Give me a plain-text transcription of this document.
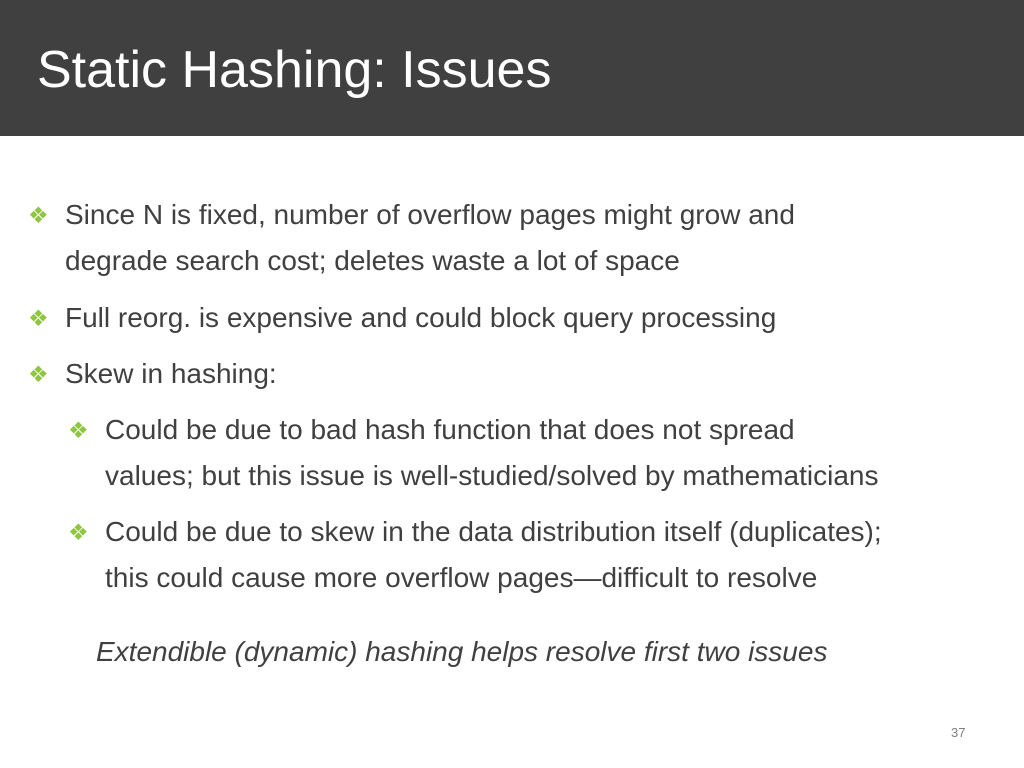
Static Hashing: Issues
❖ Since N is fixed, number of overflow pages might grow and
degrade search cost; deletes waste a lot of space
❖ Full reorg. is expensive and could block query processing
❖ Skew in hashing:
❖ Could be due to bad hash function that does not spread
values; but this issue is well-studied/solved by mathematicians
❖ Could be due to skew in the data distribution itself (duplicates);
this could cause more overflow pages—difficult to resolve
Extendible (dynamic) hashing helps resolve first two issues
37
